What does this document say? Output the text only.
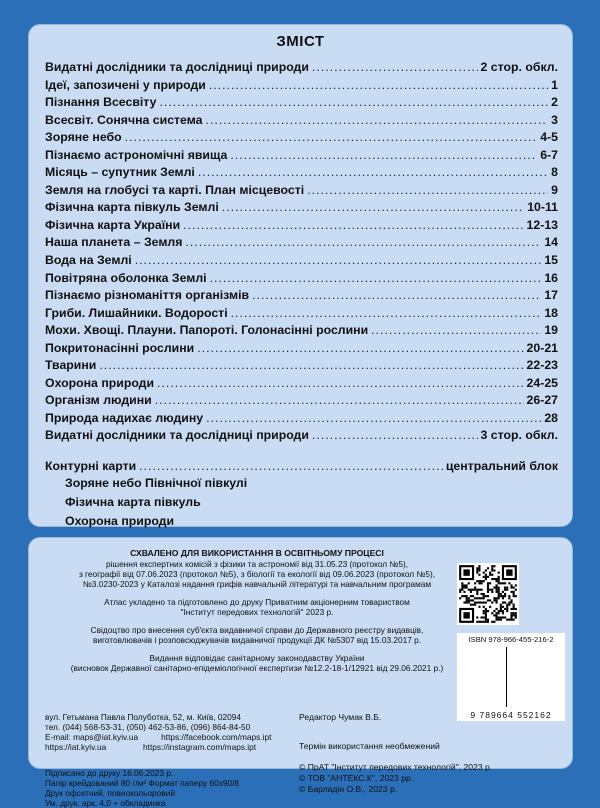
ЗМІСТ
Видатні дослідники та дослідниці природи . . .	2 стор. обкл.
Ідеї, запозичені у природи . . .	1
Пізнання Всесвіту . . .	2
Всесвіт. Сонячна система . . .	3
Зоряне небо . . .	4-5
Пізнаємо астрономічні явища . . .	6-7
Місяць – супутник Землі . . .	8
Земля на глобусі та карті. План місцевості . . .	9
Фізична карта півкуль Землі . . .	10-11
Фізична карта України . . .	12-13
Наша планета – Земля . . .	14
Вода на Землі . . .	15
Повітряна оболонка Землі . . .	16
Пізнаємо різноманіття організмів . . .	17
Гриби. Лишайники. Водорості . . .	18
Мохи. Хвощі. Плауни. Папороті. Голонасінні рослини . . .	19
Покритонасінні рослини . . .	20-21
Тварини . . .	22-23
Охорона природи . . .	24-25
Організм людини . . .	26-27
Природа надихає людину . . .	28
Видатні дослідники та дослідниці природи . . .	3 стор. обкл.
Контурні карти . . .	центральний блок
Зоряне небо Північної півкулі
Фізична карта півкуль
Охорона природи
СХВАЛЕНО ДЛЯ ВИКОРИСТАННЯ В ОСВІТНЬОМУ ПРОЦЕСІ
рішення експертних комісій з фізики та астрономії від 31.05.23 (протокол №5),
з географії від 07.06.2023 (протокол №5), з біології та екології від 09.06.2023 (протокол №5),
№3.0230-2023 у Каталозі надання грифів навчальній літературі та навчальним програмам
Атлас укладено та підготовлено до друку Приватним акціонерним товариством
"Інститут передових технологій" 2023 р.
Свідоцтво про внесення суб'єкта видавничої справи до Державного реєстру видавців,
виготовлювачів і розповсюджувачів видавничої продукції ДК №5307 від 15.03.2017 р.
Видання відповідає санітарному законодавству України
(висновок Державної санітарно-епідеміологічної експертизи №12.2-18-1/12921 від 29.06.2021 р.)
ISBN 978-966-455-216-2
9 789664 552162
вул. Гетьмана Павла Полуботка, 52, м. Київ, 02094
тел. (044) 568-53-31, (050) 462-53-86, (096) 864-84-50
E-mail: maps@iat.kyiv.ua          https://facebook.com/maps.ipt
https://iat.kyiv.ua                https://instagram.com/maps.ipt
Підписано до друку 16.06.2023 р.
Папір крейдований 80 г/м² Формат паперу 60х90/8
Друк офсетний, повнокольоровий
Ум. друк. арк. 4,0 + обкладинка
Редактор Чумак В.Б.
Термін використання необмежений
© ПрАТ "Інститут передових технологій", 2023 р.
© ТОВ "АНТЕКС.К", 2023 рр.
© Барладін О.В., 2023 р.
